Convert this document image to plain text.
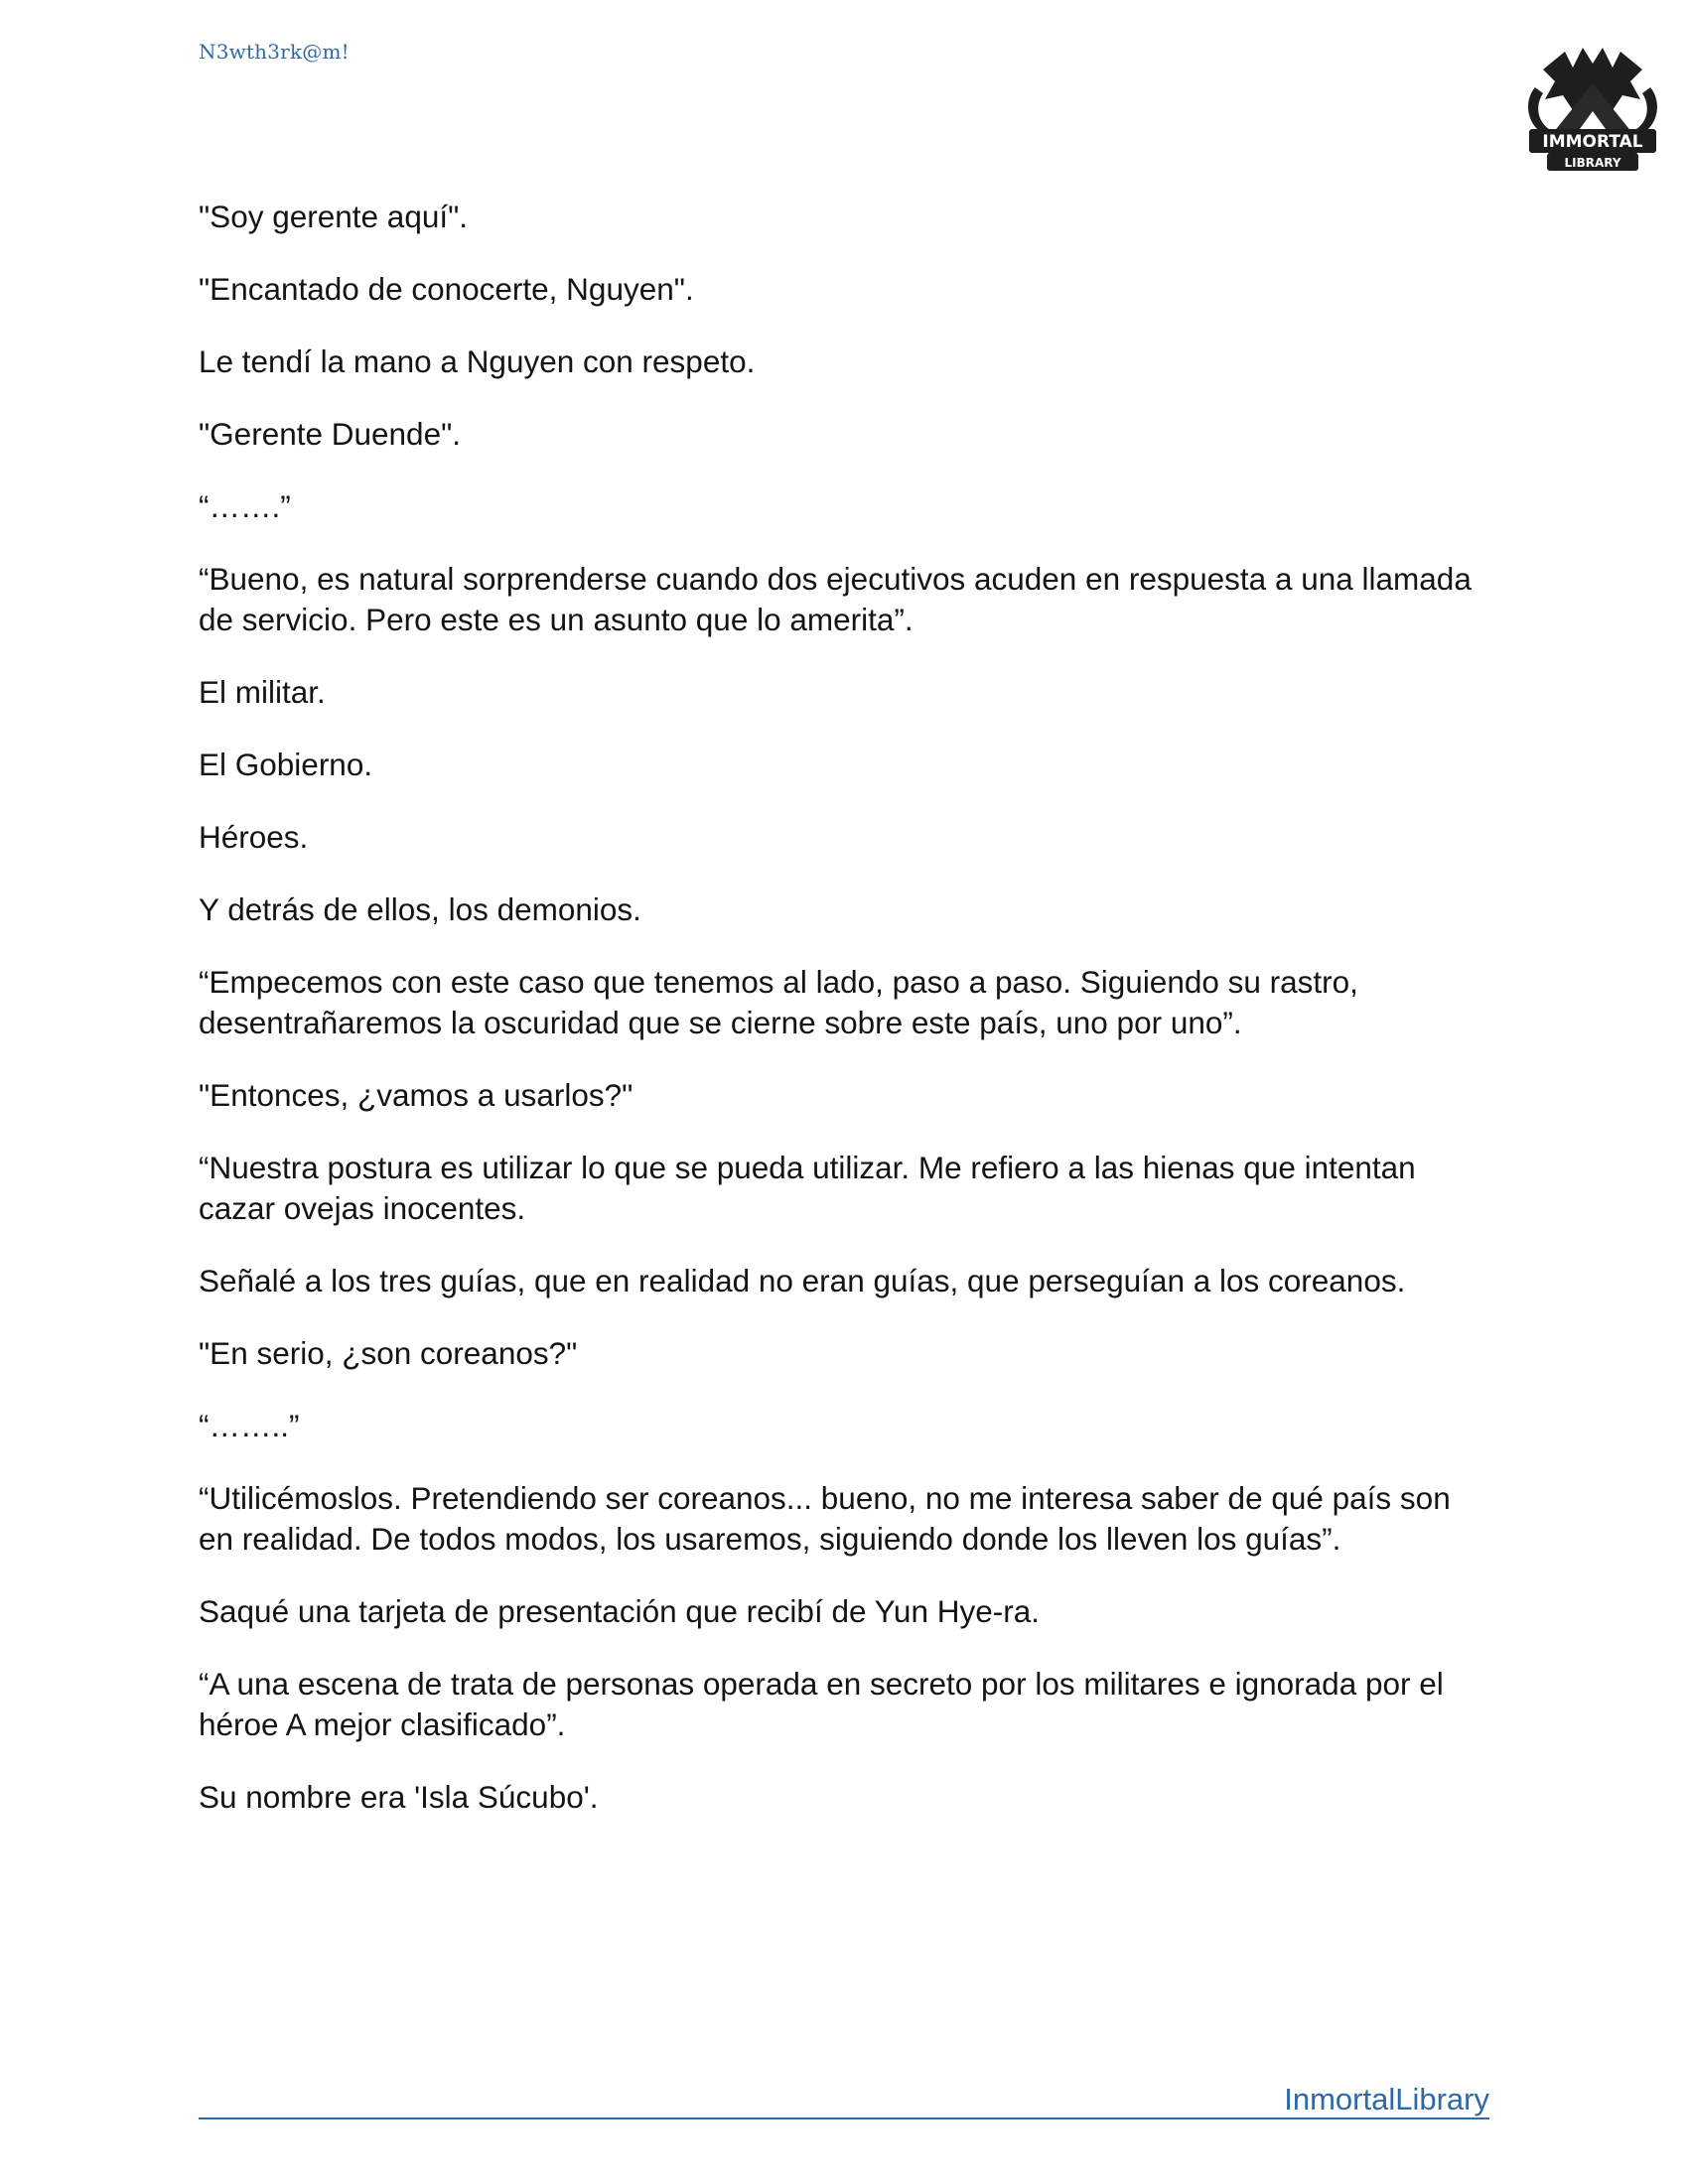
N3wth3rk@m!
IMMORTAL
LIBRARY

"Soy gerente aquí".

"Encantado de conocerte, Nguyen".

Le tendí la mano a Nguyen con respeto.

"Gerente Duende".

“…….”

“Bueno, es natural sorprenderse cuando dos ejecutivos acuden en respuesta a una llamada de servicio. Pero este es un asunto que lo amerita”.

El militar.

El Gobierno.

Héroes.

Y detrás de ellos, los demonios.

“Empecemos con este caso que tenemos al lado, paso a paso. Siguiendo su rastro, desentrañaremos la oscuridad que se cierne sobre este país, uno por uno”.

"Entonces, ¿vamos a usarlos?"

“Nuestra postura es utilizar lo que se pueda utilizar. Me refiero a las hienas que intentan cazar ovejas inocentes.

Señalé a los tres guías, que en realidad no eran guías, que perseguían a los coreanos.

"En serio, ¿son coreanos?"

“……..”

“Utilicémoslos. Pretendiendo ser coreanos... bueno, no me interesa saber de qué país son en realidad. De todos modos, los usaremos, siguiendo donde los lleven los guías”.

Saqué una tarjeta de presentación que recibí de Yun Hye-ra.

“A una escena de trata de personas operada en secreto por los militares e ignorada por el héroe A mejor clasificado”.

Su nombre era 'Isla Súcubo'.

InmortalLibrary
